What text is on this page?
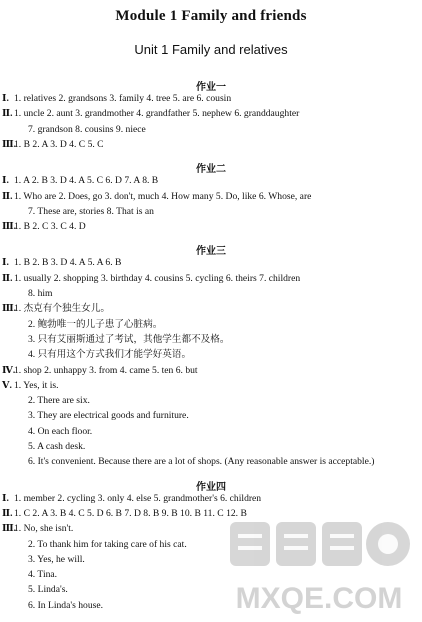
Module 1 Family and friends
Unit 1 Family and relatives
作业一
Ⅰ. 1. relatives 2. grandsons 3. family 4. tree 5. are 6. cousin
Ⅱ. 1. uncle 2. aunt 3. grandmother 4. grandfather 5. nephew 6. granddaughter
7. grandson 8. cousins 9. niece
Ⅲ.
1. B 2. A 3. D 4. C 5. C
作业二
Ⅰ. 1. A 2. B 3. D 4. A 5. C 6. D 7. A 8. B
Ⅱ. 1. Who are 2. Does, go 3. don't, much 4. How many 5. Do, like 6. Whose, are
7. These are, stories 8. That is an
Ⅲ.
1. B 2. C 3. C 4. D
作业三
Ⅰ. 1. B 2. B 3. D 4. A 5. A 6. B
Ⅱ. 1. usually 2. shopping 3. birthday 4. cousins 5. cycling 6. theirs 7. children
8. him
Ⅲ.
1. 杰克有个独生女儿。
2. 鲍勃唯一的儿子患了心脏病。
3. 只有艾丽斯通过了考试，其他学生都不及格。
4. 只有用这个方式我们才能学好英语。
Ⅳ.
1. shop 2. unhappy 3. from 4. came 5. ten 6. but
Ⅴ. 1. Yes, it is.
2. There are six.
3. They are electrical goods and furniture.
4. On each floor.
5. A cash desk.
6. It's convenient. Because there are a lot of shops. (Any reasonable answer is acceptable.)
作业四
Ⅰ. 1. member 2. cycling 3. only 4. else 5. grandmother's 6. children
Ⅱ. 1. C 2. A 3. B 4. C 5. D 6. B 7. D 8. B 9. B 10. B 11. C 12. B
Ⅲ.
1. No, she isn't.
2. To thank him for taking care of his cat.
3. Yes, he will.
4. Tina.
5. Linda's.
6. In Linda's house.	MXQE.COM
